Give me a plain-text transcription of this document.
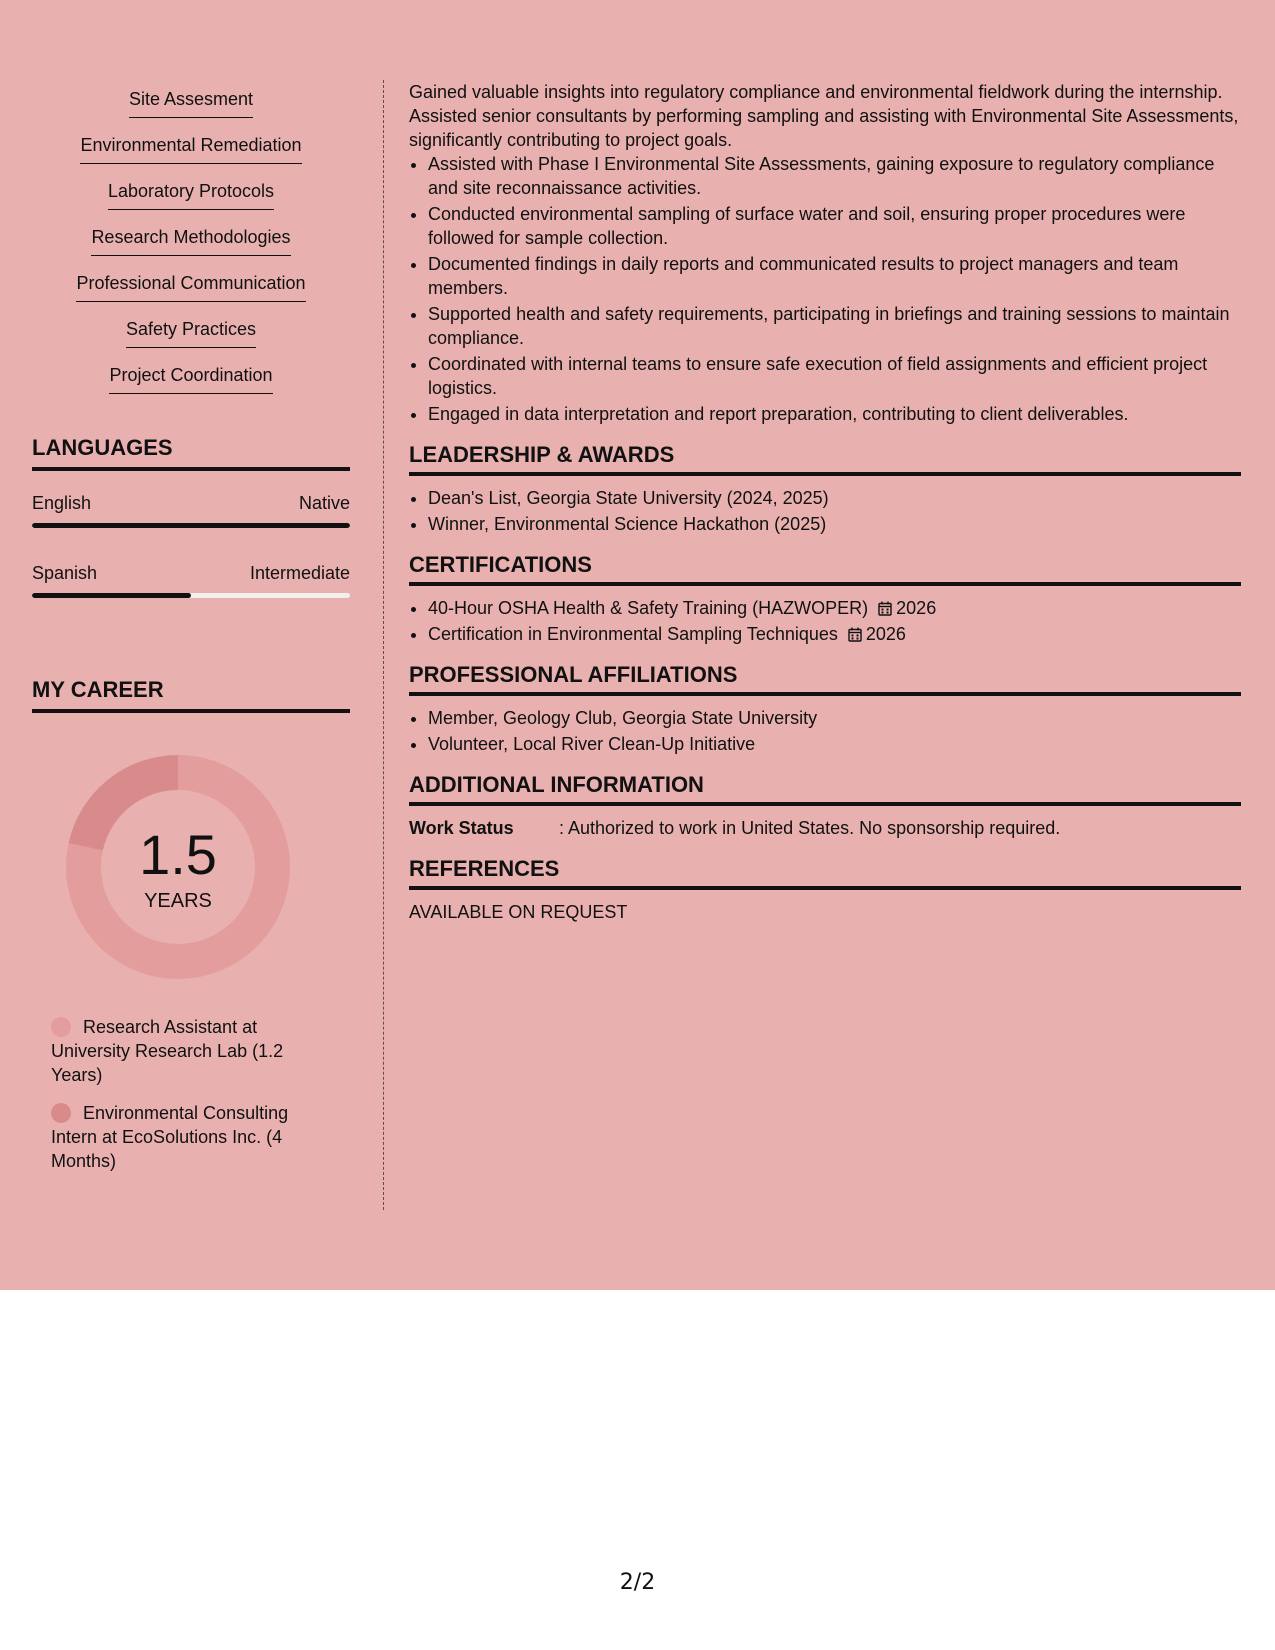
Site Assesment
Environmental Remediation
Laboratory Protocols
Research Methodologies
Professional Communication
Safety Practices
Project Coordination
LANGUAGES
English	Native
Spanish	Intermediate
MY CAREER
1.5
YEARS
Research Assistant at University Research Lab (1.2 Years)
Environmental Consulting Intern at EcoSolutions Inc. (4 Months)

Gained valuable insights into regulatory compliance and environmental fieldwork during the internship. Assisted senior consultants by performing sampling and assisting with Environmental Site Assessments, significantly contributing to project goals.

• Assisted with Phase I Environmental Site Assessments, gaining exposure to regulatory compliance and site reconnaissance activities.
• Conducted environmental sampling of surface water and soil, ensuring proper procedures were followed for sample collection.
• Documented findings in daily reports and communicated results to project managers and team members.
• Supported health and safety requirements, participating in briefings and training sessions to maintain compliance.
• Coordinated with internal teams to ensure safe execution of field assignments and efficient project logistics.
• Engaged in data interpretation and report preparation, contributing to client deliverables.
LEADERSHIP & AWARDS
• Dean's List, Georgia State University (2024, 2025)
• Winner, Environmental Science Hackathon (2025)
CERTIFICATIONS
• 40-Hour OSHA Health & Safety Training (HAZWOPER) 2026
• Certification in Environmental Sampling Techniques 2026
PROFESSIONAL AFFILIATIONS
• Member, Geology Club, Georgia State University
• Volunteer, Local River Clean-Up Initiative
ADDITIONAL INFORMATION

Work Status	: Authorized to work in United States. No sponsorship required.

REFERENCES

AVAILABLE ON REQUEST

2/2
